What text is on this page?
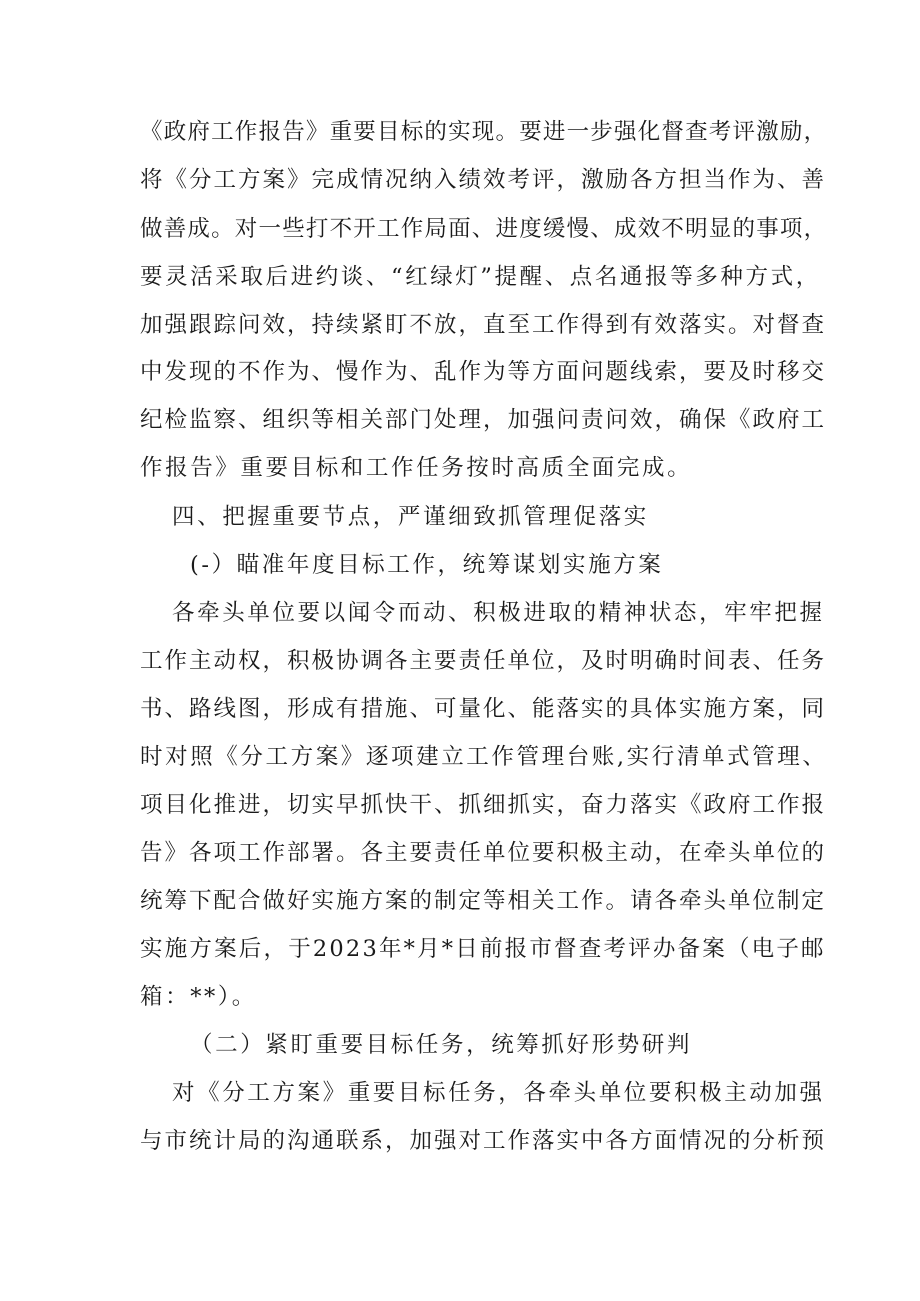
《政府工作报告》重要目标的实现。要进一步强化督查考评激励，
将《分工方案》完成情况纳入绩效考评，激励各方担当作为、善
做善成。对一些打不开工作局面、进度缓慢、成效不明显的事项，
要灵活采取后进约谈、“红绿灯”提醒、点名通报等多种方式，
加强跟踪问效，持续紧盯不放，直至工作得到有效落实。对督查
中发现的不作为、慢作为、乱作为等方面问题线索，要及时移交
纪检监察、组织等相关部门处理，加强问责问效，确保《政府工
作报告》重要目标和工作任务按时高质全面完成。
四、把握重要节点，严谨细致抓管理促落实
(-）瞄准年度目标工作，统筹谋划实施方案
各牵头单位要以闻令而动、积极进取的精神状态，牢牢把握
工作主动权，积极协调各主要责任单位，及时明确时间表、任务
书、路线图，形成有措施、可量化、能落实的具体实施方案，同
时对照《分工方案》逐项建立工作管理台账,实行清单式管理、
项目化推进，切实早抓快干、抓细抓实，奋力落实《政府工作报
告》各项工作部署。各主要责任单位要积极主动，在牵头单位的
统筹下配合做好实施方案的制定等相关工作。请各牵头单位制定
实施方案后，于2023年*月*日前报市督查考评办备案（电子邮
箱：**）。
（二）紧盯重要目标任务，统筹抓好形势研判
对《分工方案》重要目标任务，各牵头单位要积极主动加强
与市统计局的沟通联系，加强对工作落实中各方面情况的分析预
